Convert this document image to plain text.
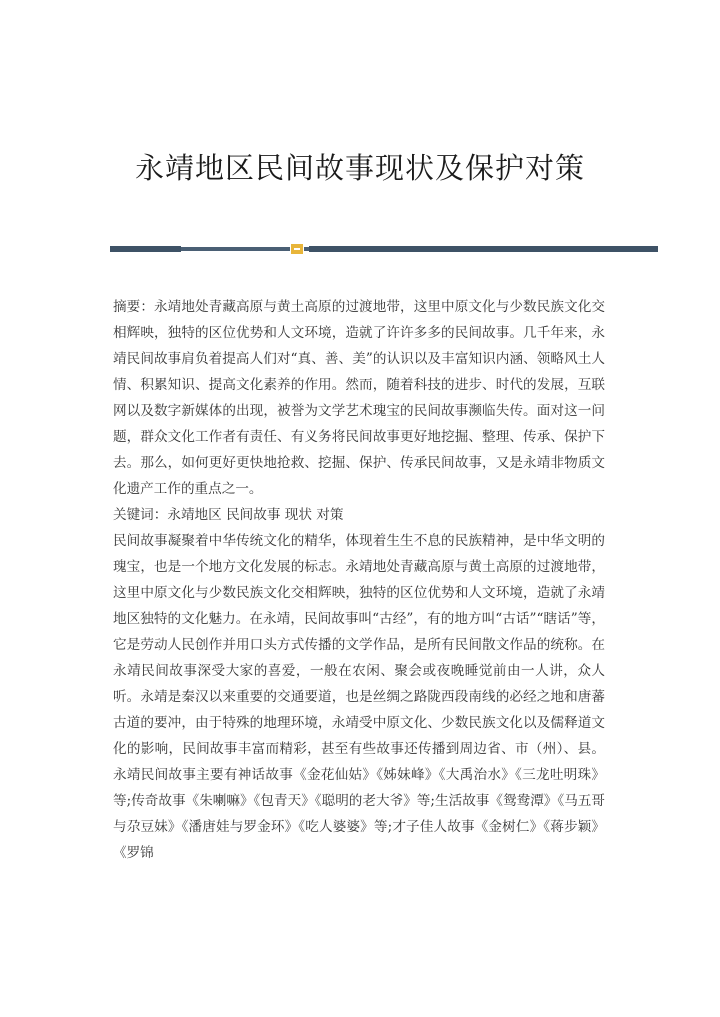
永靖地区民间故事现状及保护对策

摘要：永靖地处青藏高原与黄土高原的过渡地带，这里中原文化与少数民族文化交相辉映，独特的区位优势和人文环境，造就了许许多多的民间故事。几千年来，永靖民间故事肩负着提高人们对“真、善、美”的认识以及丰富知识内涵、领略风土人情、积累知识、提高文化素养的作用。然而，随着科技的进步、时代的发展，互联网以及数字新媒体的出现，被誉为文学艺术瑰宝的民间故事濒临失传。面对这一问题，群众文化工作者有责任、有义务将民间故事更好地挖掘、整理、传承、保护下去。那么，如何更好更快地抢救、挖掘、保护、传承民间故事，又是永靖非物质文化遗产工作的重点之一。

关键词：永靖地区 民间故事 现状 对策

民间故事凝聚着中华传统文化的精华，体现着生生不息的民族精神，是中华文明的瑰宝，也是一个地方文化发展的标志。永靖地处青藏高原与黄土高原的过渡地带，这里中原文化与少数民族文化交相辉映，独特的区位优势和人文环境，造就了永靖地区独特的文化魅力。在永靖，民间故事叫“古经”，有的地方叫“古话”“瞎话”等，它是劳动人民创作并用口头方式传播的文学作品，是所有民间散文作品的统称。在永靖民间故事深受大家的喜爱，一般在农闲、聚会或夜晚睡觉前由一人讲，众人听。永靖是秦汉以来重要的交通要道，也是丝绸之路陇西段南线的必经之地和唐蕃古道的要冲，由于特殊的地理环境，永靖受中原文化、少数民族文化以及儒释道文化的影响，民间故事丰富而精彩，甚至有些故事还传播到周边省、市（州）、县。永靖民间故事主要有神话故事《金花仙姑》《姊妹峰》《大禹治水》《三龙吐明珠》等;传奇故事《朱喇嘛》《包青天》《聪明的老大爷》等;生活故事《鸳鸯潭》《马五哥与尕豆妹》《潘唐娃与罗金环》《吃人婆婆》等;才子佳人故事《金树仁》《蒋步颖》《罗锦
